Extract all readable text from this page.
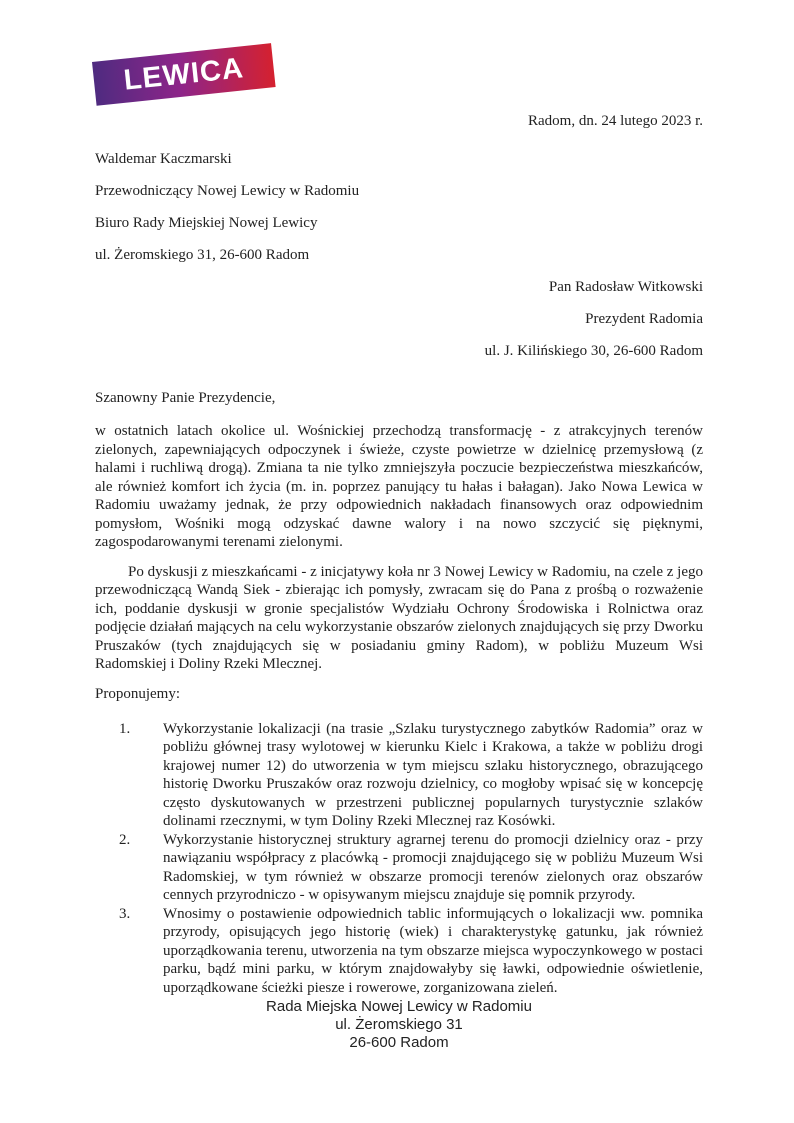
LEWICA
Radom, dn. 24 lutego 2023 r.
Waldemar Kaczmarski
Przewodniczący Nowej Lewicy w Radomiu
Biuro Rady Miejskiej Nowej Lewicy
ul. Żeromskiego 31, 26-600 Radom
Pan Radosław Witkowski
Prezydent Radomia
ul. J. Kilińskiego 30, 26-600 Radom
Szanowny Panie Prezydencie,

w ostatnich latach okolice ul. Wośnickiej przechodzą transformację - z atrakcyjnych terenów zielonych, zapewniających odpoczynek i świeże, czyste powietrze w dzielnicę przemysłową (z halami i ruchliwą drogą). Zmiana ta nie tylko zmniejszyła poczucie bezpieczeństwa mieszkańców, ale również komfort ich życia (m. in. poprzez panujący tu hałas i bałagan). Jako Nowa Lewica w Radomiu uważamy jednak, że przy odpowiednich nakładach finansowych oraz odpowiednim pomysłom, Wośniki mogą odzyskać dawne walory i na nowo szczycić się pięknymi, zagospodarowanymi terenami zielonymi.

Po dyskusji z mieszkańcami - z inicjatywy koła nr 3 Nowej Lewicy w Radomiu, na czele z jego przewodniczącą Wandą Siek - zbierając ich pomysły, zwracam się do Pana z prośbą o rozważenie ich, poddanie dyskusji w gronie specjalistów Wydziału Ochrony Środowiska i Rolnictwa oraz podjęcie działań mających na celu wykorzystanie obszarów zielonych znajdujących się przy Dworku Pruszaków (tych znajdujących się w posiadaniu gminy Radom), w pobliżu Muzeum Wsi Radomskiej i Doliny Rzeki Mlecznej.

Proponujemy:
1.	Wykorzystanie lokalizacji (na trasie „Szlaku turystycznego zabytków Radomia” oraz w pobliżu głównej trasy wylotowej w kierunku Kielc i Krakowa, a także w pobliżu drogi krajowej numer 12) do utworzenia w tym miejscu szlaku historycznego, obrazującego historię Dworku Pruszaków oraz rozwoju dzielnicy, co mogłoby wpisać się w koncepcję często dyskutowanych w przestrzeni publicznej popularnych turystycznie szlaków dolinami rzecznymi, w tym Doliny Rzeki Mlecznej raz Kosówki.
2.	Wykorzystanie historycznej struktury agrarnej terenu do promocji dzielnicy oraz - przy nawiązaniu współpracy z placówką - promocji znajdującego się w pobliżu Muzeum Wsi Radomskiej, w tym również w obszarze promocji terenów zielonych oraz obszarów cennych przyrodniczo - w opisywanym miejscu znajduje się pomnik przyrody.
3.	Wnosimy o postawienie odpowiednich tablic informujących o lokalizacji ww. pomnika przyrody, opisujących jego historię (wiek) i charakterystykę gatunku, jak również uporządkowania terenu, utworzenia na tym obszarze miejsca wypoczynkowego w postaci parku, bądź mini parku, w którym znajdowałyby się ławki, odpowiednie oświetlenie, uporządkowane ścieżki piesze i rowerowe, zorganizowana zieleń.
Rada Miejska Nowej Lewicy w Radomiu
ul. Żeromskiego 31
26-600 Radom
